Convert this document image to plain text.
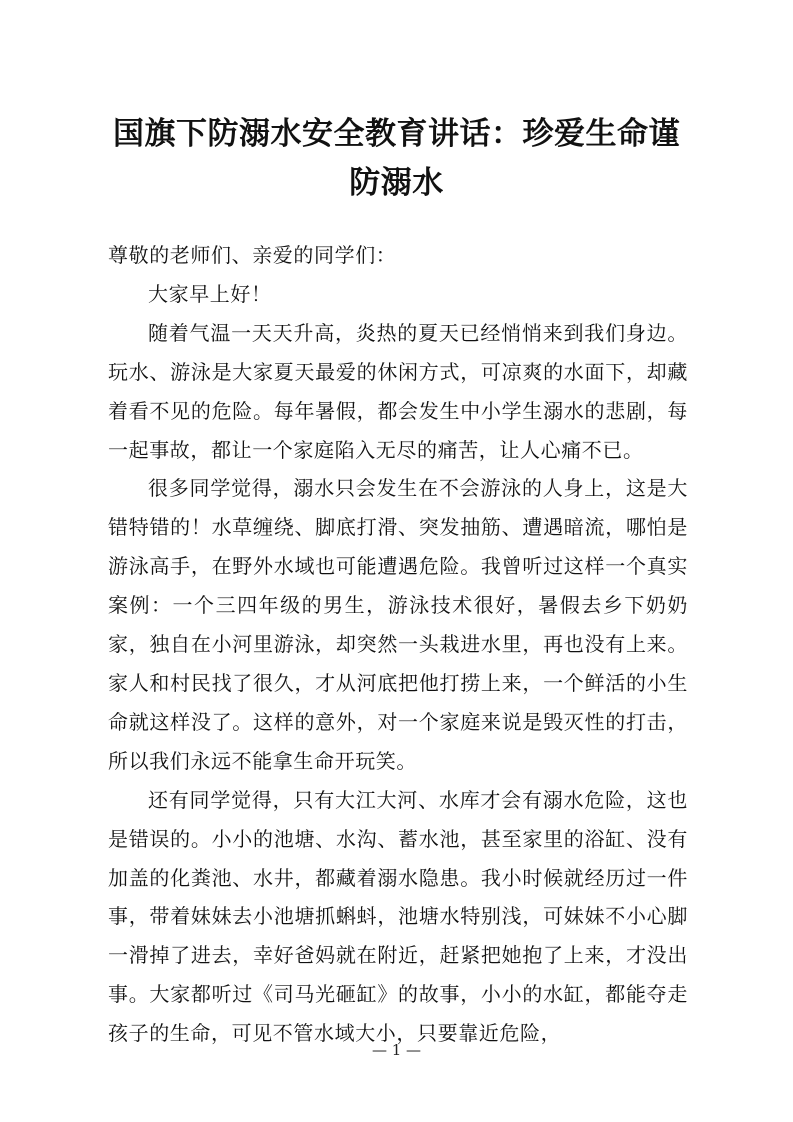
国旗下防溺水安全教育讲话：珍爱生命谨防溺水

尊敬的老师们、亲爱的同学们：

大家早上好！

随着气温一天天升高，炎热的夏天已经悄悄来到我们身边。玩水、游泳是大家夏天最爱的休闲方式，可凉爽的水面下，却藏着看不见的危险。每年暑假，都会发生中小学生溺水的悲剧，每一起事故，都让一个家庭陷入无尽的痛苦，让人心痛不已。

很多同学觉得，溺水只会发生在不会游泳的人身上，这是大错特错的！水草缠绕、脚底打滑、突发抽筋、遭遇暗流，哪怕是游泳高手，在野外水域也可能遭遇危险。我曾听过这样一个真实案例：一个三四年级的男生，游泳技术很好，暑假去乡下奶奶家，独自在小河里游泳，却突然一头栽进水里，再也没有上来。家人和村民找了很久，才从河底把他打捞上来，一个鲜活的小生命就这样没了。这样的意外，对一个家庭来说是毁灭性的打击，所以我们永远不能拿生命开玩笑。

还有同学觉得，只有大江大河、水库才会有溺水危险，这也是错误的。小小的池塘、水沟、蓄水池，甚至家里的浴缸、没有加盖的化粪池、水井，都藏着溺水隐患。我小时候就经历过一件事，带着妹妹去小池塘抓蝌蚪，池塘水特别浅，可妹妹不小心脚一滑掉了进去，幸好爸妈就在附近，赶紧把她抱了上来，才没出事。大家都听过《司马光砸缸》的故事，小小的水缸，都能夺走孩子的生命，可见不管水域大小，只要靠近危险，

— 1 —
